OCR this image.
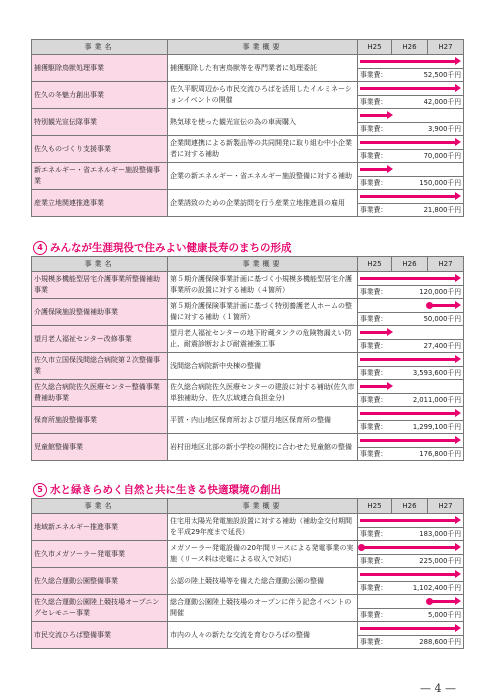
事業名	事業概要	H25	H26	H27
捕獲駆除鳥獣処理事業	捕獲駆除した有害鳥獣等を専門業者に処理委託			

		事業費： 52,500千円		

佐久の冬魅力創出事業	佐久平駅周辺から市民交流ひろばを活用したイルミネーションイベントの開催			

		事業費： 42,000千円		

特別観光宣伝隊事業	熱気球を使った観光宣伝の為の車両購入			

		事業費： 3,900千円		

佐久ものづくり支援事業	企業間連携による新製品等の共同開発に取り組む中小企業者に対する補助			

		事業費： 70,000千円		

新エネルギー・省エネルギー施設整備事業	企業の新エネルギー・省エネルギー施設整備に対する補助			

		事業費： 150,000千円		

産業立地関連推進事業	企業誘致のための企業訪問を行う産業立地推進員の雇用			

		事業費： 21,800千円		
4 みんなが生涯現役で住みよい健康長寿のまちの形成
事業名	事業概要	H25	H26	H27
小規模多機能型居宅介護事業所整備補助事業	第５期介護保険事業計画に基づく小規模多機能型居宅介護事業所の設置に対する補助（４箇所）			

		事業費： 120,000千円		

介護保険施設整備補助事業	第５期介護保険事業計画に基づく特別養護老人ホームの整備に対する補助（１箇所）			

		事業費： 50,000千円		

望月老人福祉センター改修事業	望月老人福祉センターの地下貯蔵タンクの危険物漏えい防止、耐震診断および耐震補強工事			

		事業費： 27,400千円		

佐久市立国保浅間総合病院第２次整備事業	浅間総合病院新中央棟の整備			

		事業費： 3,593,600千円		

佐久総合病院佐久医療センター整備事業費補助事業	佐久総合病院佐久医療センターの建設に対する補助(佐久市単独補助分、佐久広域連合負担金分)			

		事業費： 2,011,000千円		

保育所施設整備事業	平賀・内山地区保育所および望月地区保育所の整備			

		事業費： 1,299,100千円		

児童館整備事業	岩村田地区北部の新小学校の開校に合わせた児童館の整備			

		事業費： 176,800千円		
5 水と緑きらめく自然と共に生きる快適環境の創出
事業名	事業概要	H25	H26	H27
地域新エネルギー推進事業	住宅用太陽光発電施設設置に対する補助（補助金交付期間を平成29年度まで延長）			

		事業費： 183,000千円		

佐久市メガソーラー発電事業	メガソーラー発電設備の20年間リースによる発電事業の実施（リース料は売電による収入で対応）			

		事業費： 225,000千円		

佐久総合運動公園整備事業	公認の陸上競技場等を備えた総合運動公園の整備			

		事業費： 1,102,400千円		

佐久総合運動公園陸上競技場オープニングセレモニー事業	総合運動公園陸上競技場のオープンに伴う記念イベントの開催			

		事業費： 5,000千円		

市民交流ひろば整備事業	市内の人々の新たな交流を育むひろばの整備			

		事業費： 288,600千円		
— 4 —
